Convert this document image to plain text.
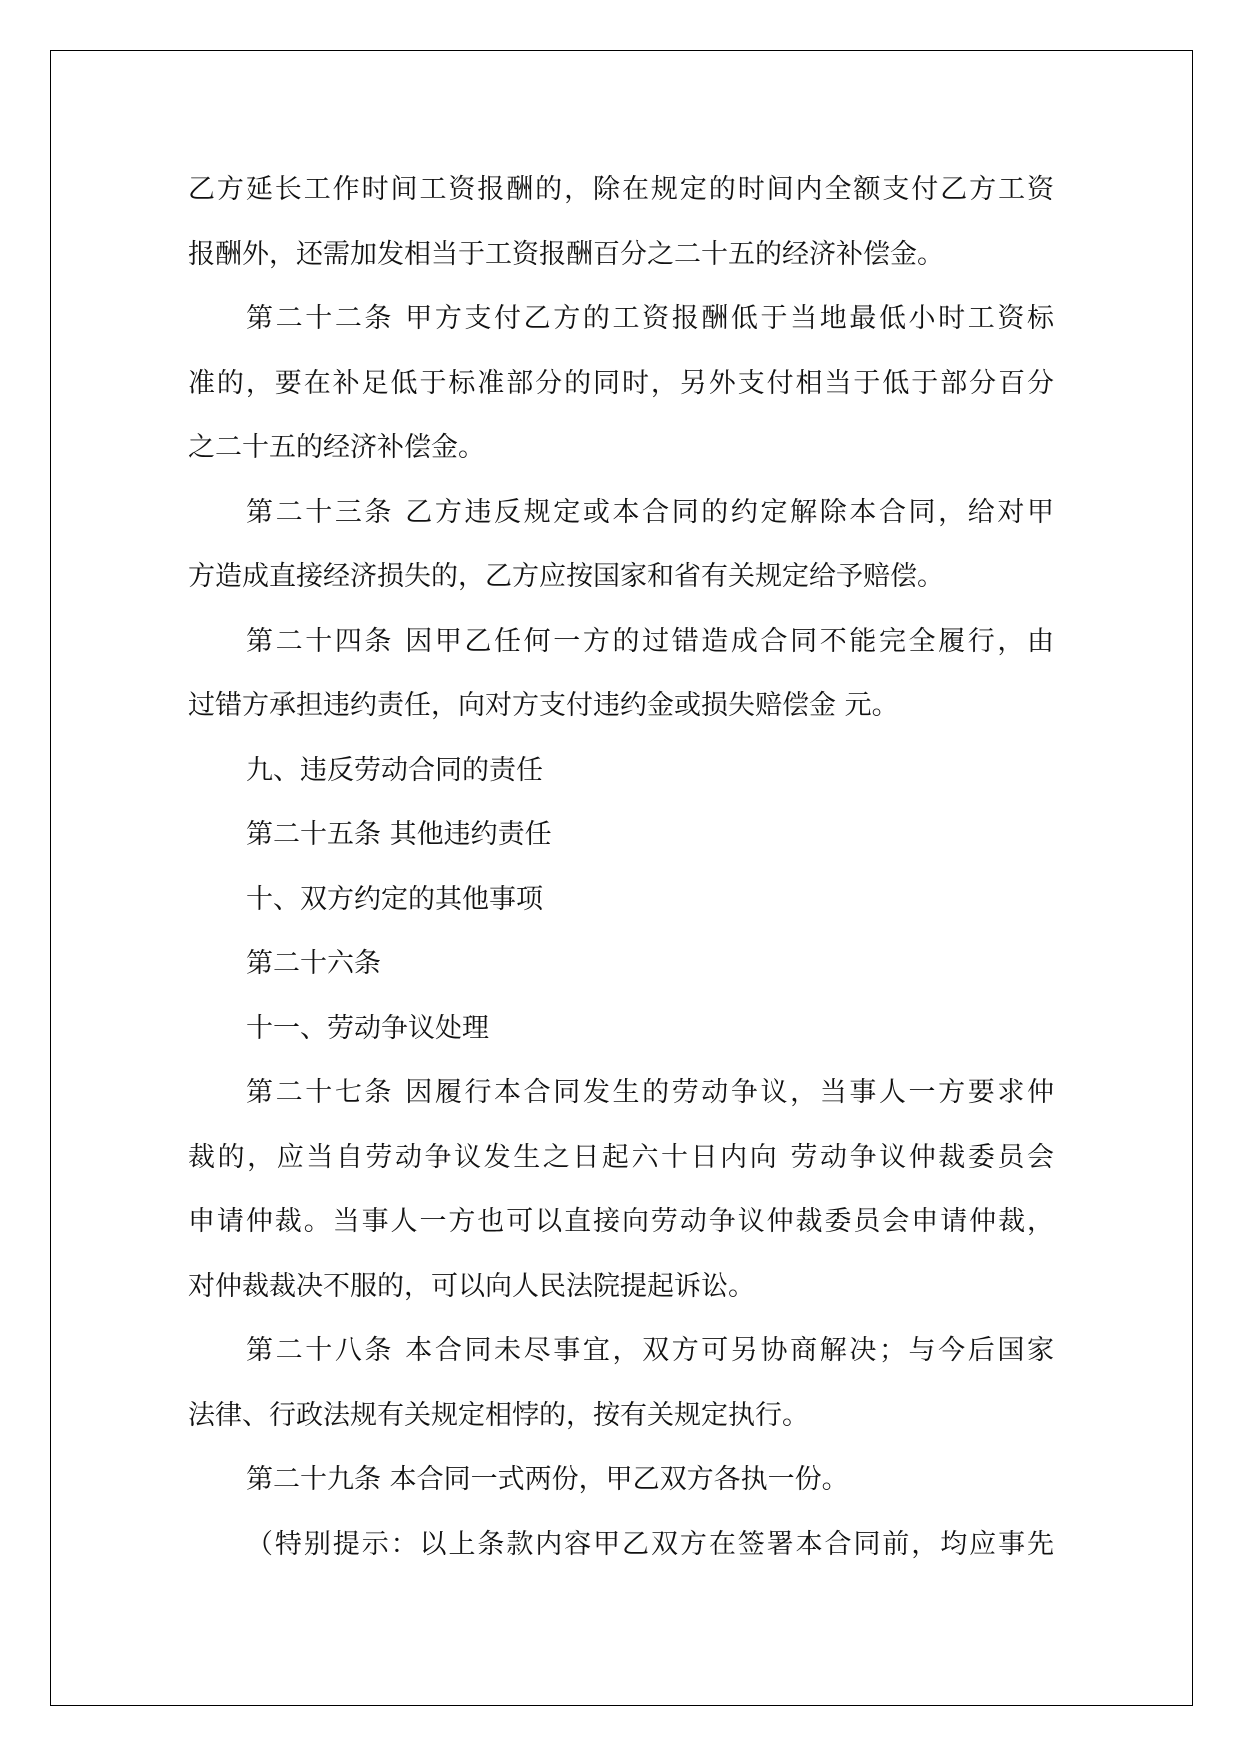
乙方延长工作时间工资报酬的，除在规定的时间内全额支付乙方工资
报酬外，还需加发相当于工资报酬百分之二十五的经济补偿金。
第二十二条 甲方支付乙方的工资报酬低于当地最低小时工资标
准的，要在补足低于标准部分的同时，另外支付相当于低于部分百分
之二十五的经济补偿金。
第二十三条 乙方违反规定或本合同的约定解除本合同，给对甲
方造成直接经济损失的，乙方应按国家和省有关规定给予赔偿。
第二十四条 因甲乙任何一方的过错造成合同不能完全履行，由
过错方承担违约责任，向对方支付违约金或损失赔偿金 元。
九、违反劳动合同的责任
第二十五条 其他违约责任
十、双方约定的其他事项
第二十六条
十一、劳动争议处理
第二十七条 因履行本合同发生的劳动争议，当事人一方要求仲
裁的，应当自劳动争议发生之日起六十日内向 劳动争议仲裁委员会
申请仲裁。当事人一方也可以直接向劳动争议仲裁委员会申请仲裁，
对仲裁裁决不服的，可以向人民法院提起诉讼。
第二十八条 本合同未尽事宜，双方可另协商解决；与今后国家
法律、行政法规有关规定相悖的，按有关规定执行。
第二十九条 本合同一式两份，甲乙双方各执一份。
（特别提示：以上条款内容甲乙双方在签署本合同前，均应事先
